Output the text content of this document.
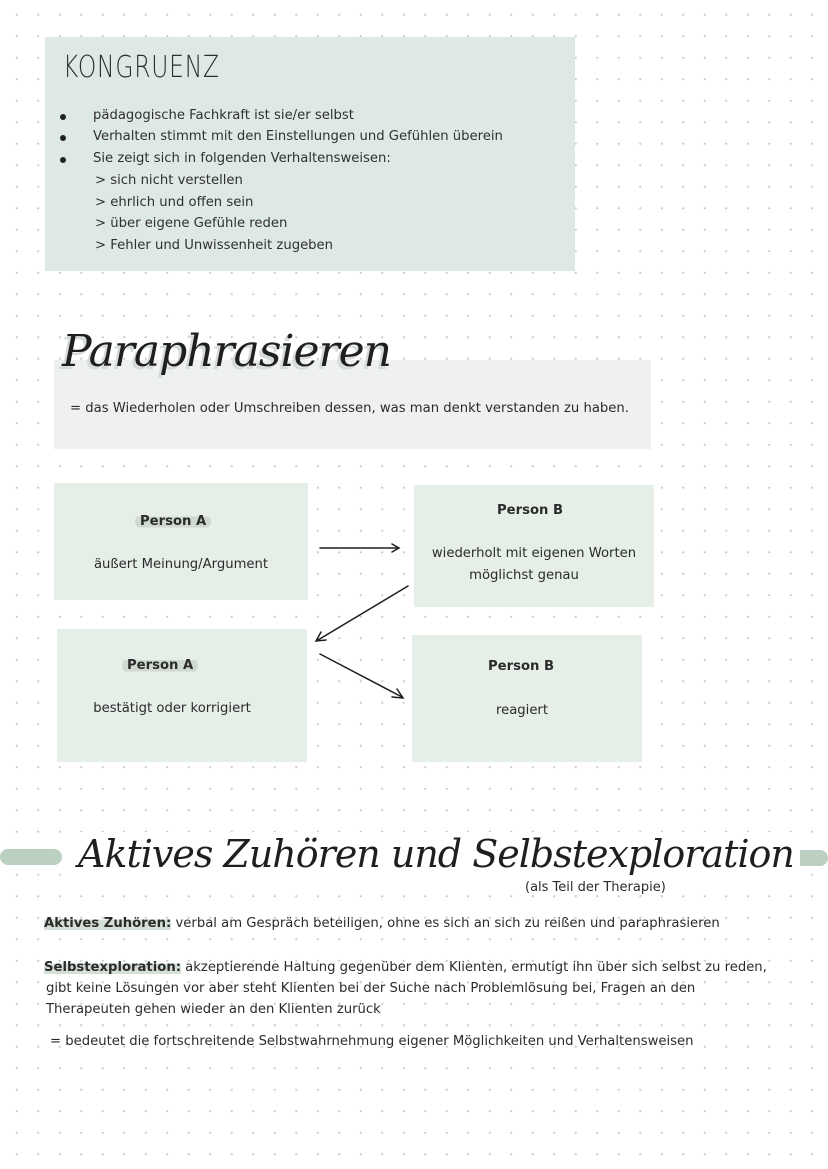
KONGRUENZ
pädagogische Fachkraft ist sie/er selbst
Verhalten stimmt mit den Einstellungen und Gefühlen überein
Sie zeigt sich in folgenden Verhaltensweisen:
> sich nicht verstellen
> ehrlich und offen sein
> über eigene Gefühle reden
> Fehler und Unwissenheit zugeben
Paraphrasieren
= das Wiederholen oder Umschreiben dessen, was man denkt verstanden zu haben.
Person A
äußert Meinung/Argument
Person B
wiederholt mit eigenen Worten
möglichst genau
Person A
bestätigt oder korrigiert
Person B
reagiert
Aktives Zuhören und Selbstexploration
(als Teil der Therapie)
Aktives Zuhören: verbal am Gespräch beteiligen, ohne es sich an sich zu reißen und paraphrasieren
Selbstexploration: akzeptierende Haltung gegenüber dem Klienten, ermutigt ihn über sich selbst zu reden,
gibt keine Lösungen vor aber steht Klienten bei der Suche nach Problemlösung bei, Fragen an den
Therapeuten gehen wieder an den Klienten zurück
= bedeutet die fortschreitende Selbstwahrnehmung eigener Möglichkeiten und Verhaltensweisen
